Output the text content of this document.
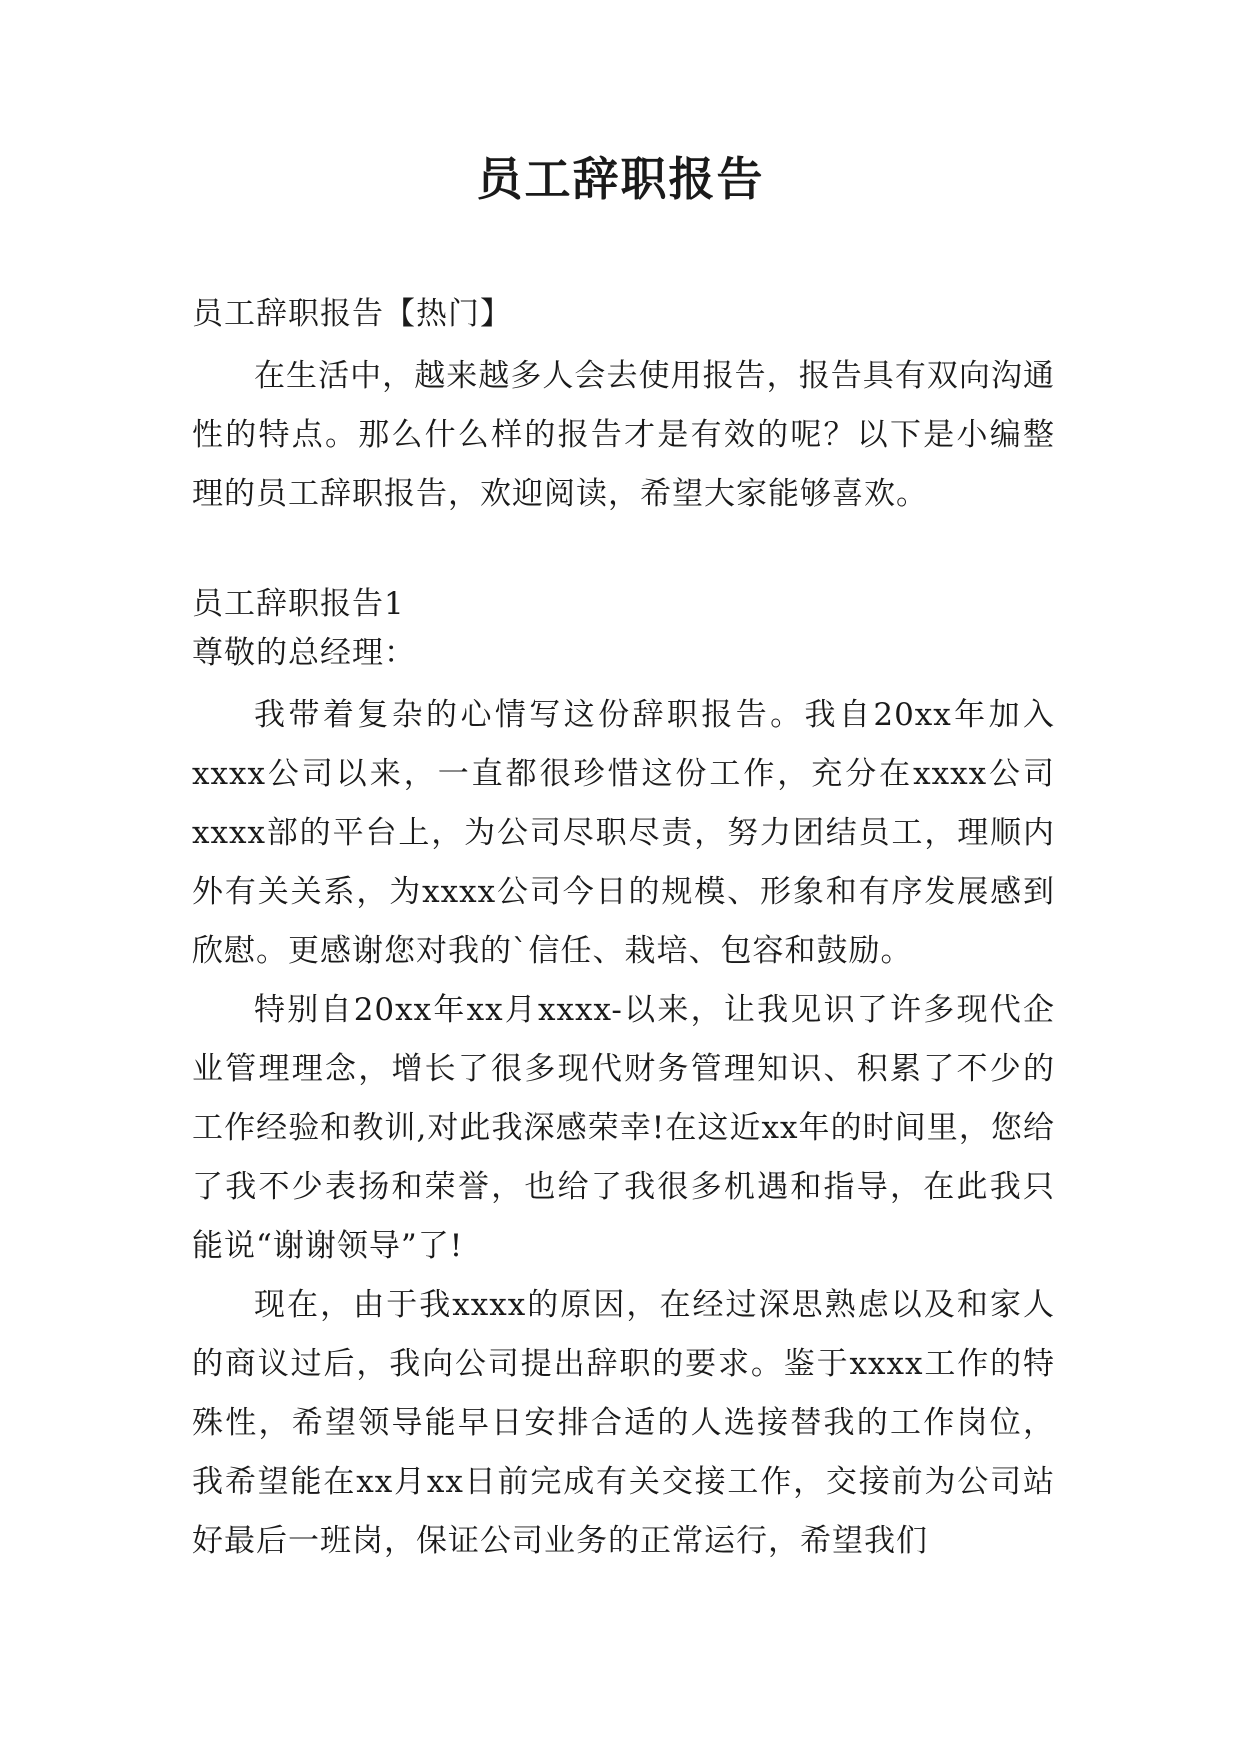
员工辞职报告

员工辞职报告【热门】

在生活中，越来越多人会去使用报告，报告具有双向沟通性的特点。那么什么样的报告才是有效的呢？以下是小编整理的员工辞职报告，欢迎阅读，希望大家能够喜欢。

员工辞职报告1

尊敬的总经理：

我带着复杂的心情写这份辞职报告。我自20xx年加入xxxx公司以来，一直都很珍惜这份工作，充分在xxxx公司xxxx部的平台上，为公司尽职尽责，努力团结员工，理顺内外有关关系，为xxxx公司今日的规模、形象和有序发展感到欣慰。更感谢您对我的`信任、栽培、包容和鼓励。

特别自20xx年xx月xxxx-以来，让我见识了许多现代企业管理理念，增长了很多现代财务管理知识、积累了不少的工作经验和教训,对此我深感荣幸!在这近xx年的时间里，您给了我不少表扬和荣誉，也给了我很多机遇和指导，在此我只能说“谢谢领导”了!

现在，由于我xxxx的原因，在经过深思熟虑以及和家人的商议过后，我向公司提出辞职的要求。鉴于xxxx工作的特殊性，希望领导能早日安排合适的人选接替我的工作岗位，我希望能在xx月xx日前完成有关交接工作，交接前为公司站好最后一班岗，保证公司业务的正常运行，希望我们
